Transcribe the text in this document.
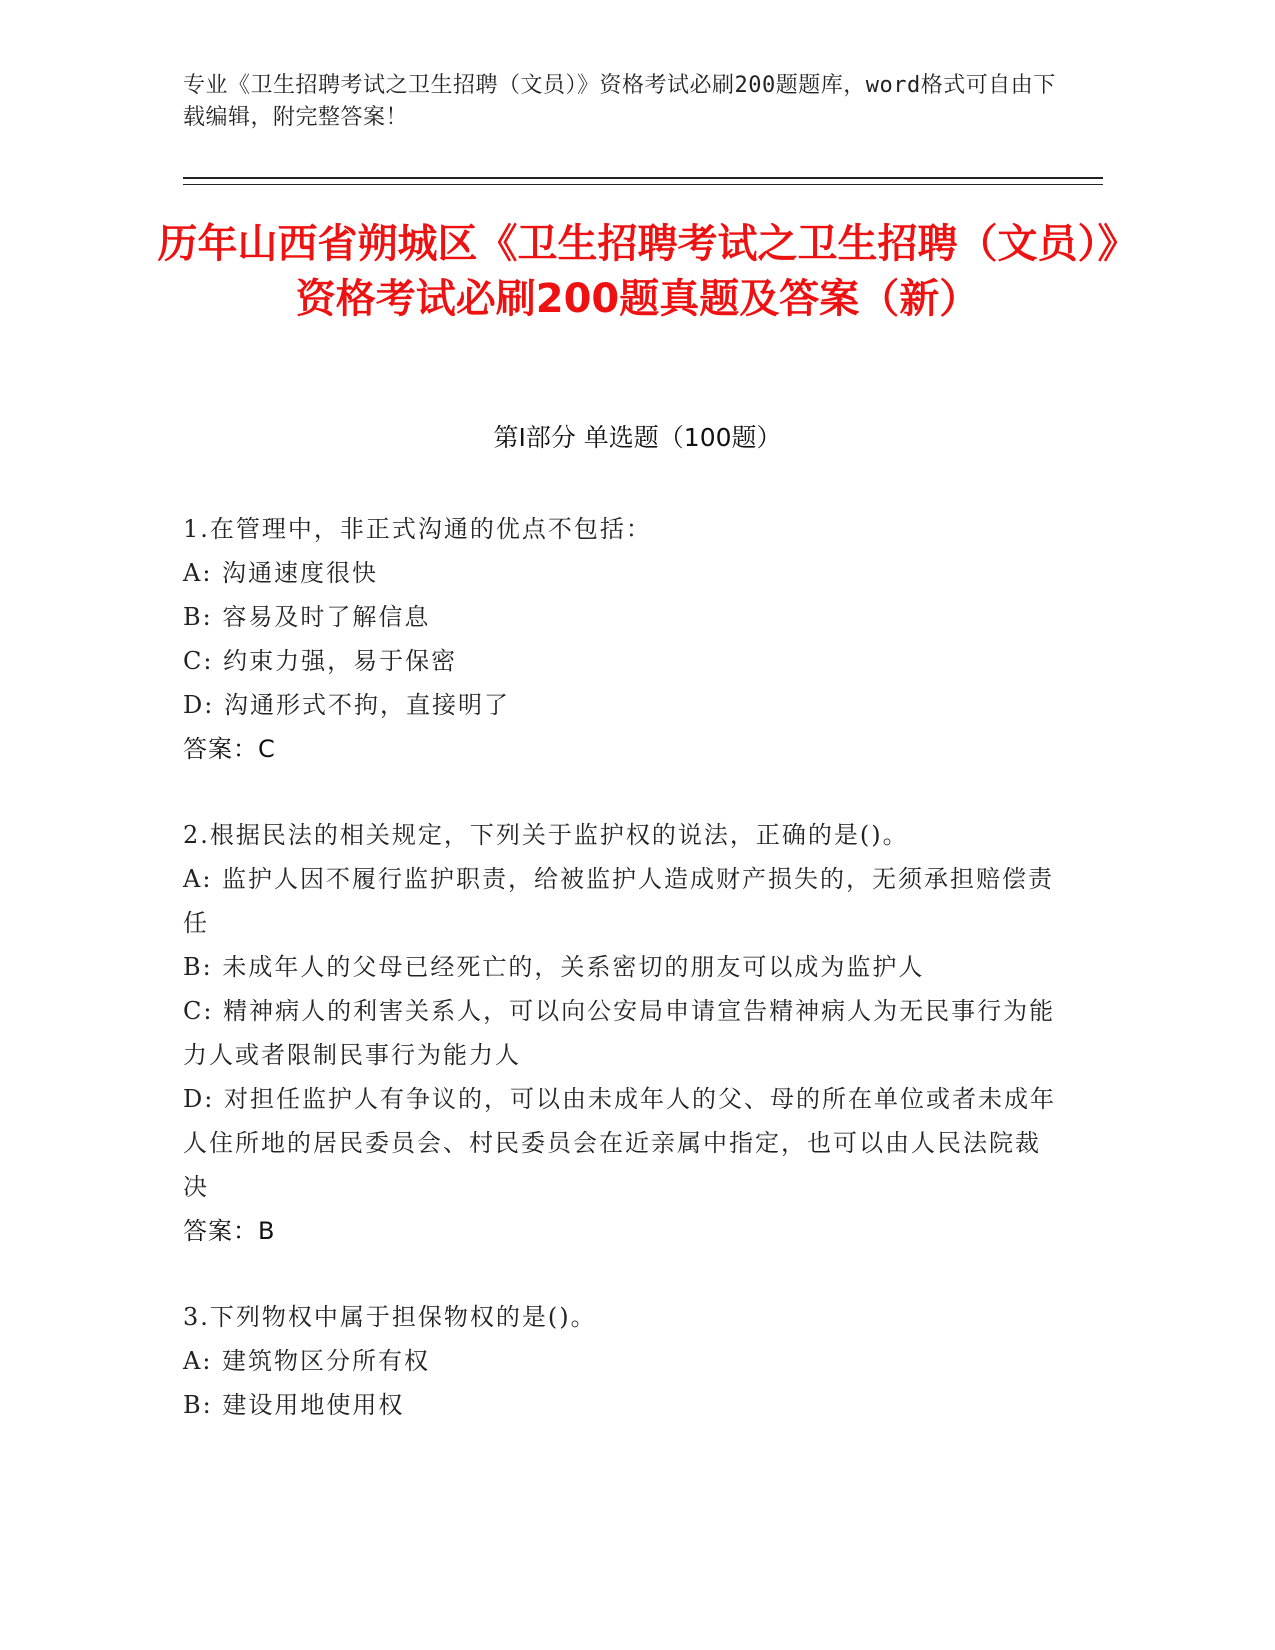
专业《卫生招聘考试之卫生招聘（文员）》资格考试必刷200题题库，word格式可自由下载编辑，附完整答案！
历年山西省朔城区《卫生招聘考试之卫生招聘（文员）》资格考试必刷200题真题及答案（新）
第I部分 单选题（100题）

1.在管理中，非正式沟通的优点不包括：

A: 沟通速度很快

B: 容易及时了解信息

C: 约束力强，易于保密

D: 沟通形式不拘，直接明了

答案：C

2.根据民法的相关规定，下列关于监护权的说法，正确的是()。

A: 监护人因不履行监护职责，给被监护人造成财产损失的，无须承担赔偿责任

B: 未成年人的父母已经死亡的，关系密切的朋友可以成为监护人

C: 精神病人的利害关系人，可以向公安局申请宣告精神病人为无民事行为能力人或者限制民事行为能力人

D: 对担任监护人有争议的，可以由未成年人的父、母的所在单位或者未成年人住所地的居民委员会、村民委员会在近亲属中指定，也可以由人民法院裁决

答案：B

3.下列物权中属于担保物权的是()。

A: 建筑物区分所有权

B: 建设用地使用权
